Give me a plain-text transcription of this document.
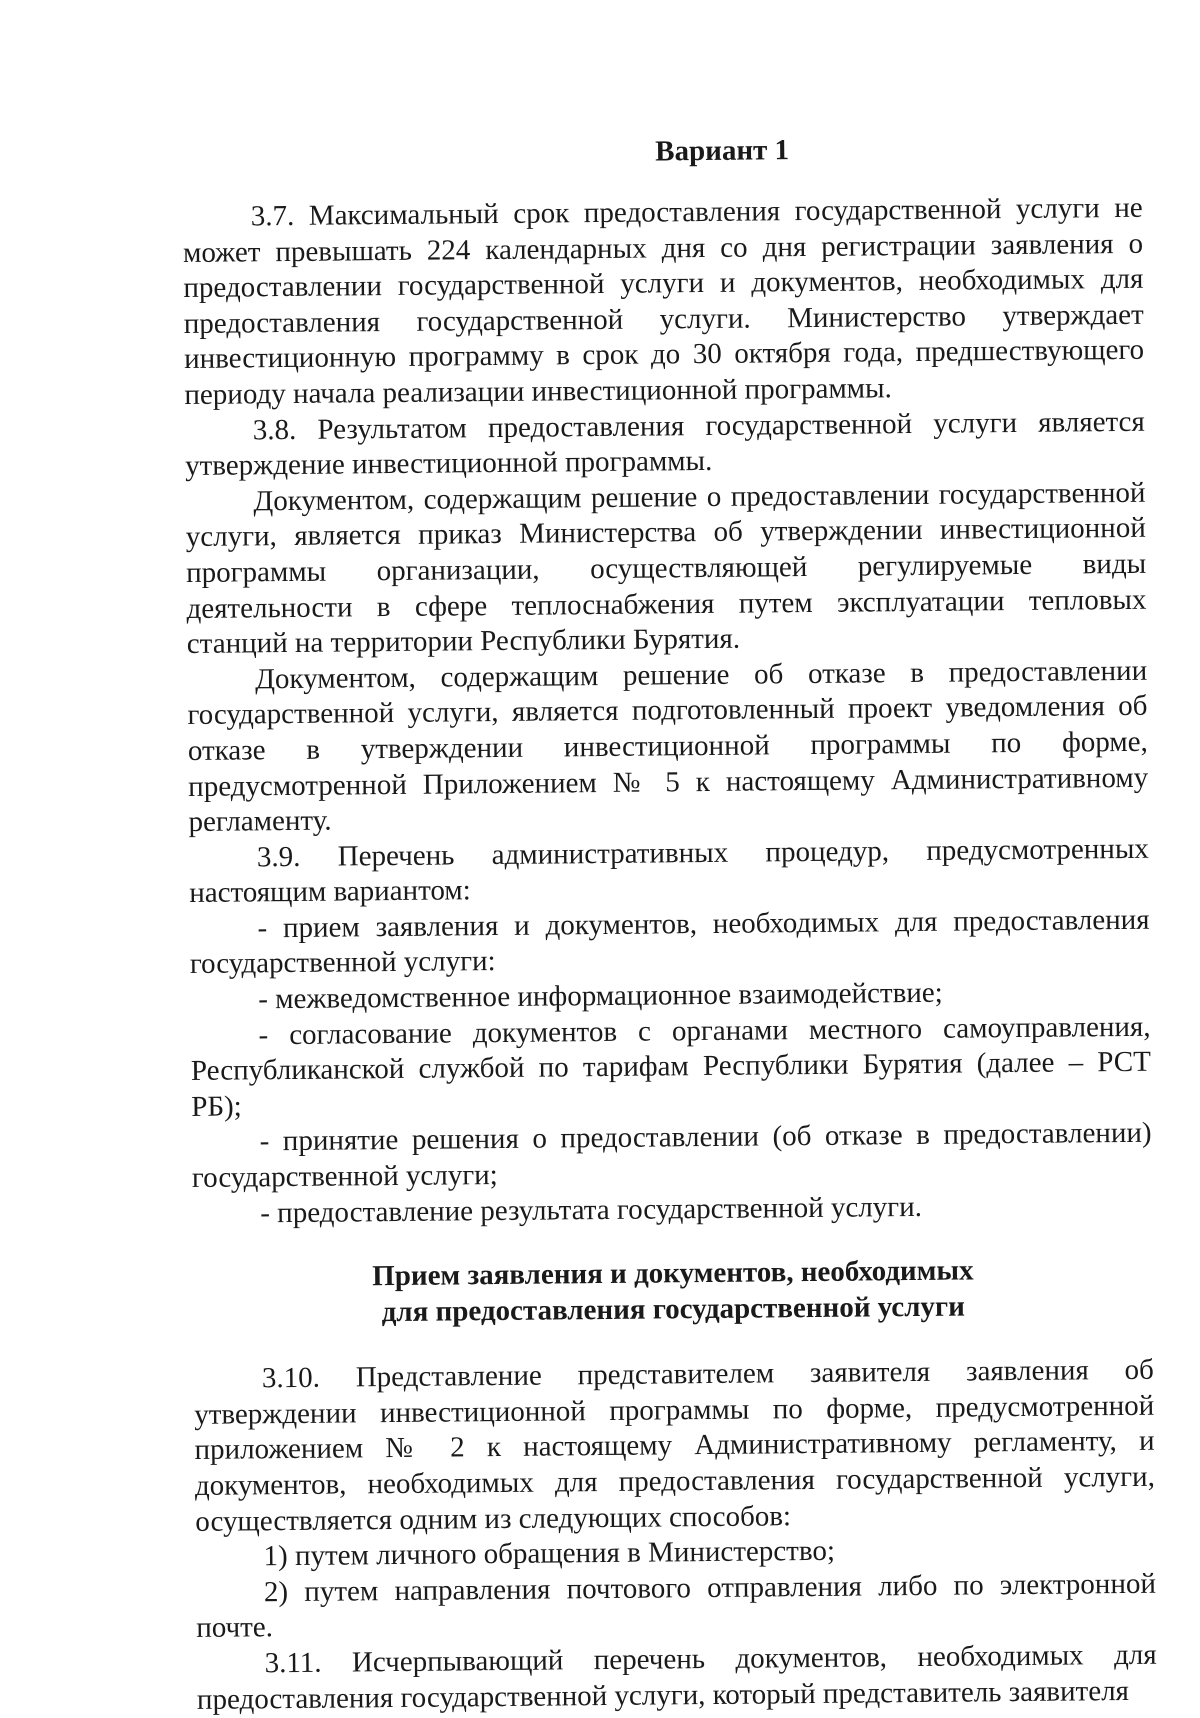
Вариант 1

3.7. Максимальный срок предоставления государственной услуги не может превышать 224 календарных дня со дня регистрации заявления о предоставлении государственной услуги и документов, необходимых для предоставления государственной услуги. Министерство утверждает инвестиционную программу в срок до 30 октября года, предшествующего периоду начала реализации инвестиционной программы.

3.8. Результатом предоставления государственной услуги является утверждение инвестиционной программы.

Документом, содержащим решение о предоставлении государственной услуги, является приказ Министерства об утверждении инвестиционной программы организации, осуществляющей регулируемые виды деятельности в сфере теплоснабжения путем эксплуатации тепловых станций на территории Республики Бурятия.

Документом, содержащим решение об отказе в предоставлении государственной услуги, является подготовленный проект уведомления об отказе в утверждении инвестиционной программы по форме, предусмотренной Приложением № 5 к настоящему Административному регламенту.

3.9. Перечень административных процедур, предусмотренных настоящим вариантом:

- прием заявления и документов, необходимых для предоставления государственной услуги:

- межведомственное информационное взаимодействие;

- согласование документов с органами местного самоуправления, Республиканской службой по тарифам Республики Бурятия (далее – РСТ РБ);

- принятие решения о предоставлении (об отказе в предоставлении) государственной услуги;

- предоставление результата государственной услуги.

Прием заявления и документов, необходимых
для предоставления государственной услуги

3.10. Представление представителем заявителя заявления об утверждении инвестиционной программы по форме, предусмотренной приложением № 2 к настоящему Административному регламенту, и документов, необходимых для предоставления государственной услуги, осуществляется одним из следующих способов:

1) путем личного обращения в Министерство;

2) путем направления почтового отправления либо по электронной почте.

3.11. Исчерпывающий перечень документов, необходимых для предоставления государственной услуги, который представитель заявителя
